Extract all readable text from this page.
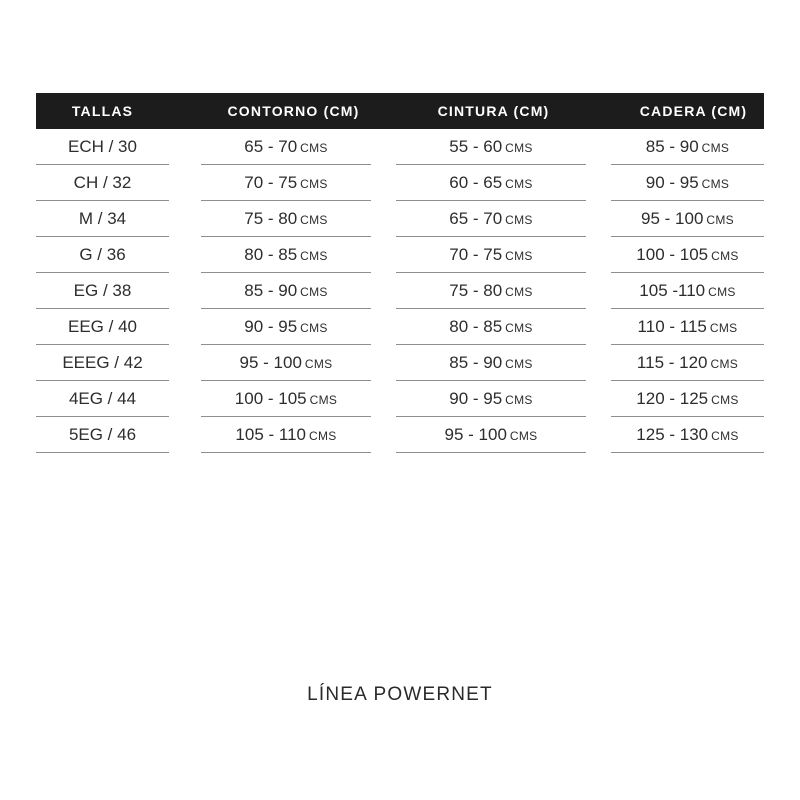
TALLAS	CONTORNO (CM)	CINTURA (CM)	CADERA (CM)
ECH / 30	65 - 70 CMS	55 - 60 CMS	85 - 90 CMS
CH / 32	70 - 75 CMS	60 - 65 CMS	90 - 95 CMS
M / 34	75 - 80 CMS	65 - 70 CMS	95 - 100 CMS
G / 36	80 - 85 CMS	70 - 75 CMS	100 - 105 CMS
EG / 38	85 - 90 CMS	75 - 80 CMS	105 -110 CMS
EEG / 40	90 - 95 CMS	80 - 85 CMS	110 - 115 CMS
EEEG / 42	95 - 100 CMS	85 - 90 CMS	115 - 120 CMS
4EG / 44	100 - 105 CMS	90 - 95 CMS	120 - 125 CMS
5EG / 46	105 - 110 CMS	95 - 100 CMS	125 - 130 CMS
LÍNEA POWERNET
